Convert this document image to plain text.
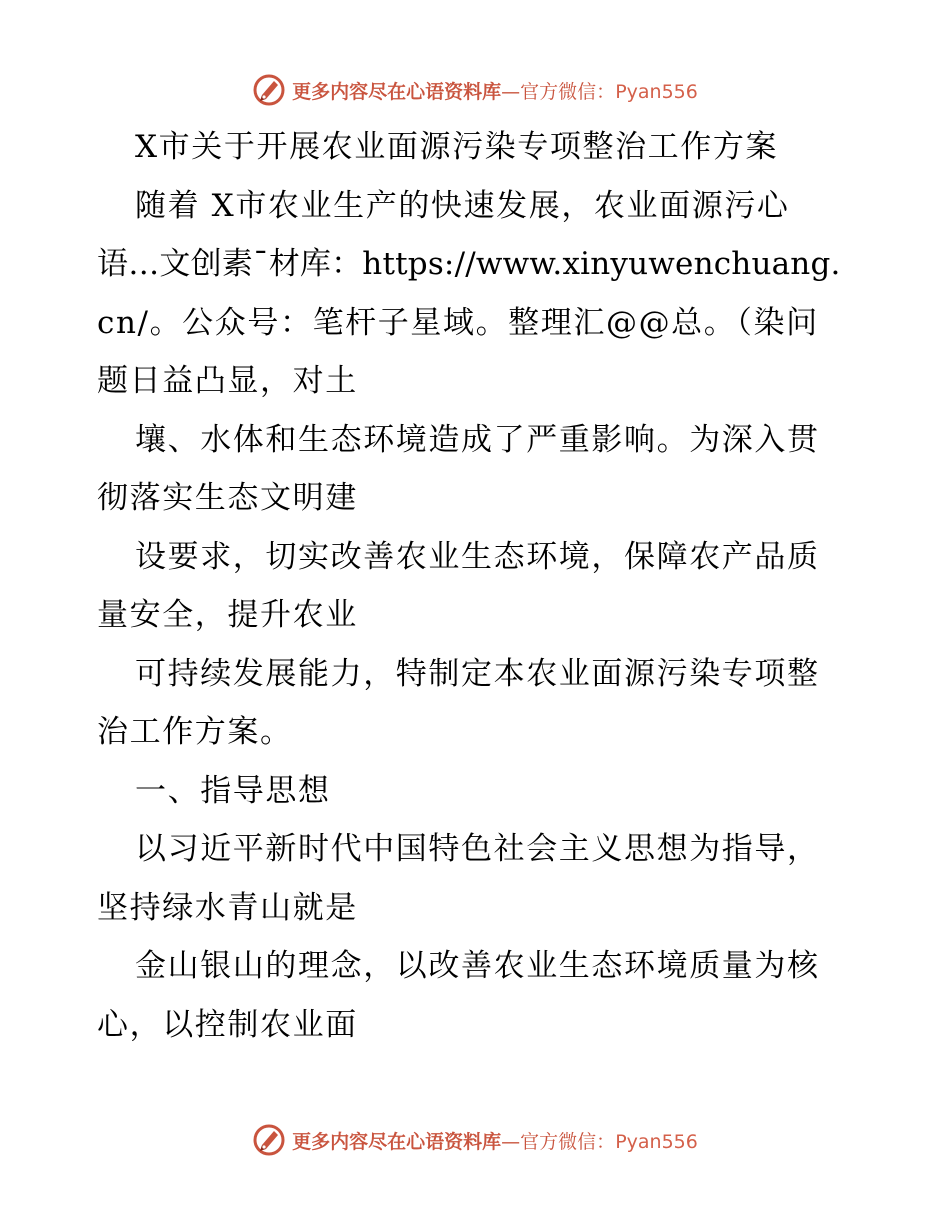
更多内容尽在心语资料库—官方微信：Pyan556
X市关于开展农业面源污染专项整治工作方案
随着 X市农业生产的快速发展，农业面源污心
语…文创素¯材库：https://www.xinyuwenchuang.
cn/。公众号：笔杆子星域。整理汇@@总。（染问
题日益凸显，对土
壤、水体和生态环境造成了严重影响。为深入贯
彻落实生态文明建
设要求，切实改善农业生态环境，保障农产品质
量安全，提升农业
可持续发展能力，特制定本农业面源污染专项整
治工作方案。
一、指导思想
以习近平新时代中国特色社会主义思想为指导，
坚持绿水青山就是
金山银山的理念，以改善农业生态环境质量为核
心，以控制农业面
更多内容尽在心语资料库—官方微信：Pyan556
